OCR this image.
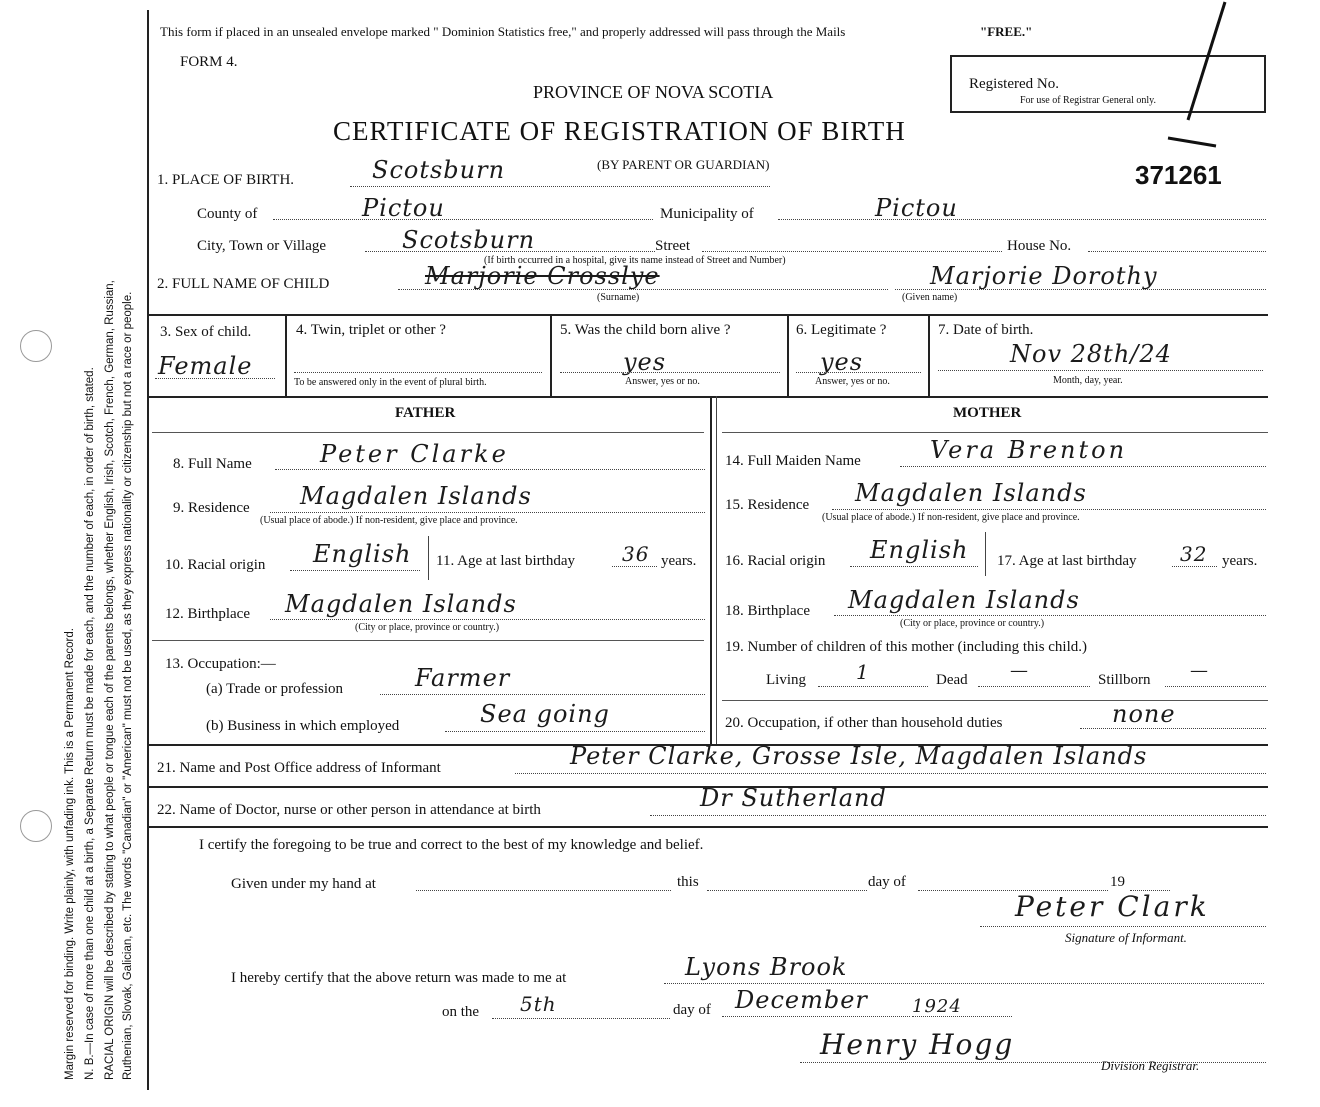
Margin reserved for binding. Write plainly, with unfading ink. This is a Permanent Record. N. B.—In case of more than one child at a birth, a Separate Return must be made for each, and the number of each, in order of birth, stated. RACIAL ORIGIN will be described by stating to what people or tongue each of the parents belongs, whether English, Irish, Scotch, French, German, Russian, Ruthenian, Slovak, Galician, etc. The words "Canadian" or "American" must not be used, as they express nationality or citizenship but not a race or people.
This form if placed in an unsealed envelope marked " Dominion Statistics free," and properly addressed will pass through the Mails	"FREE."
FORM 4.
PROVINCE OF NOVA SCOTIA
CERTIFICATE OF REGISTRATION OF BIRTH
(BY PARENT OR GUARDIAN)
Registered No.
For use of Registrar General only.
371261
1. PLACE OF BIRTH.	Scotsburn
County of	Pictou	Municipality of	Pictou
City, Town or Village	Scotsburn	Street	House No.
(If birth occurred in a hospital, give its name instead of Street and Number)
2. FULL NAME OF CHILD	Marjorie Crosslye
(Surname)
Marjorie Dorothy
(Given name)
3. Sex of child.
Female
4. Twin, triplet or other ?
To be answered only in the event of plural birth.
5. Was the child born alive ?
yes
Answer, yes or no.
6. Legitimate ?
yes
Answer, yes or no.
7. Date of birth.
Nov 28th/24
Month, day, year.
FATHER	MOTHER
8. Full Name	Peter Clarke
9. Residence Magdalen Islands
(Usual place of abode.) If non-resident, give place and province.
10. Racial origin English 11. Age at last birthday 36 years.
12. Birthplace Magdalen Islands
(City or place, province or country.)
13. Occupation:—
(a) Trade or profession	Farmer
(b) Business in which employed	Sea going
14. Full Maiden Name	Vera Brenton
15. Residence Magdalen Islands
(Usual place of abode.) If non-resident, give place and province.
16. Racial origin English 17. Age at last birthday 32 years.
18. Birthplace Magdalen Islands
(City or place, province or country.)
19. Number of children of this mother (including this child.)
Living	1	Dead —	Stillborn —
20. Occupation, if other than household duties	none
21. Name and Post Office address of Informant	Peter Clarke, Grosse Isle, Magdalen Islands
22. Name of Doctor, nurse or other person in attendance at birth	Dr Sutherland
I certify the foregoing to be true and correct to the best of my knowledge and belief.
Given under my hand at	this	day of	19
Peter Clark
Signature of Informant.
I hereby certify that the above return was made to me at	Lyons Brook
on the 5th	day of December 1924
Henry Hogg
Division Registrar.
